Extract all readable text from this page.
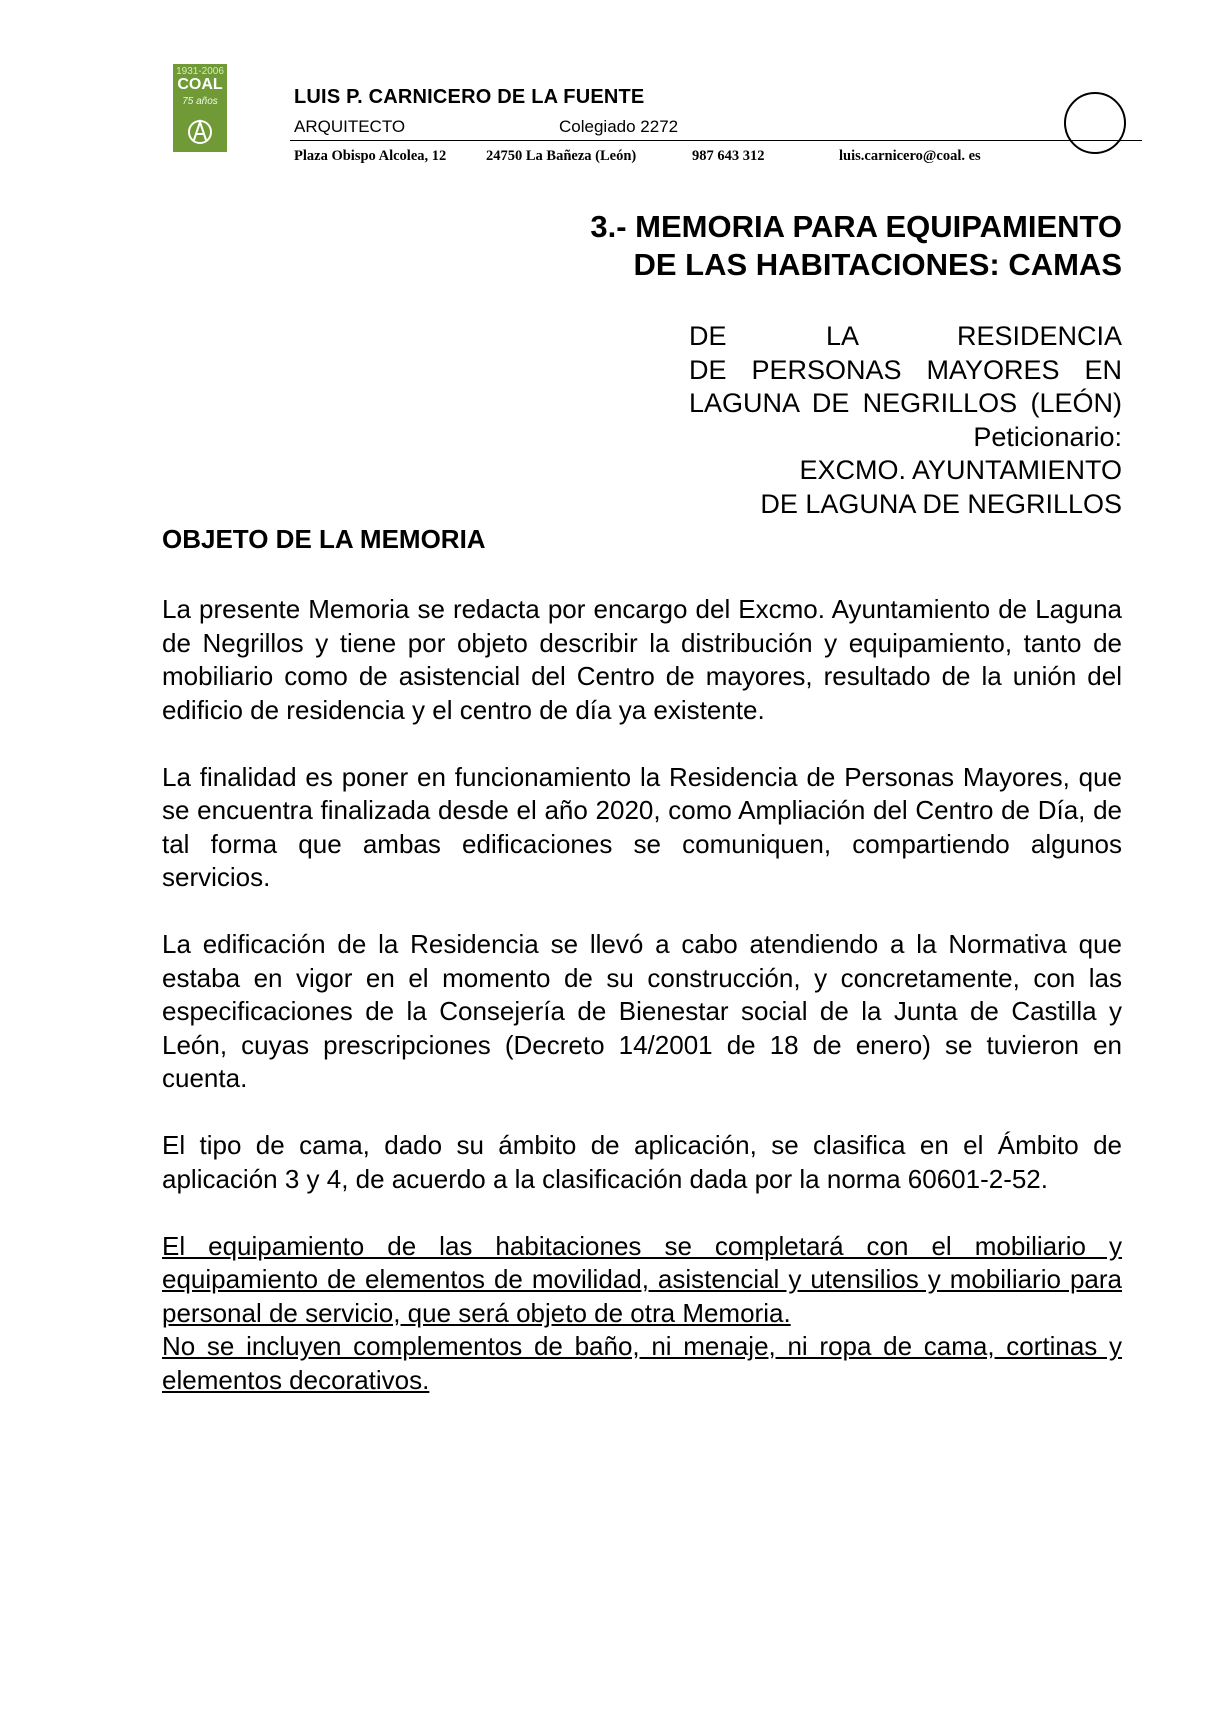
1931-2006
COAL
75 años	LUIS P. CARNICERO DE LA FUENTE
ARQUITECTO	Colegiado 2272
Plaza Obispo Alcolea, 12	24750 La Bañeza (León)	987 643 312	luis.carnicero@coal. es
3.- MEMORIA PARA EQUIPAMIENTO
DE LAS HABITACIONES: CAMAS
DE LA RESIDENCIA
DE PERSONAS MAYORES EN
LAGUNA DE NEGRILLOS (LEÓN)
Peticionario:
EXCMO. AYUNTAMIENTO
DE LAGUNA DE NEGRILLOS
OBJETO DE LA MEMORIA

La presente Memoria se redacta por encargo del Excmo. Ayuntamiento de Laguna de Negrillos y tiene por objeto describir la distribución y equipamiento, tanto de mobiliario como de asistencial del Centro de mayores, resultado de la unión del edificio de residencia y el centro de día ya existente.

La finalidad es poner en funcionamiento la Residencia de Personas Mayores, que se encuentra finalizada desde el año 2020, como Ampliación del Centro de Día, de tal forma que ambas edificaciones se comuniquen, compartiendo algunos servicios.

La edificación de la Residencia se llevó a cabo atendiendo a la Normativa que estaba en vigor en el momento de su construcción, y concretamente, con las especificaciones de la Consejería de Bienestar social de la Junta de Castilla y León, cuyas prescripciones (Decreto 14/2001 de 18 de enero) se tuvieron en cuenta.

El tipo de cama, dado su ámbito de aplicación, se clasifica en el Ámbito de aplicación 3 y 4, de acuerdo a la clasificación dada por la norma 60601-2-52.

El equipamiento de las habitaciones se completará con el mobiliario y equipamiento de elementos de movilidad, asistencial y utensilios y mobiliario para personal de servicio, que será objeto de otra Memoria.

No se incluyen complementos de baño, ni menaje, ni ropa de cama, cortinas y elementos decorativos.
